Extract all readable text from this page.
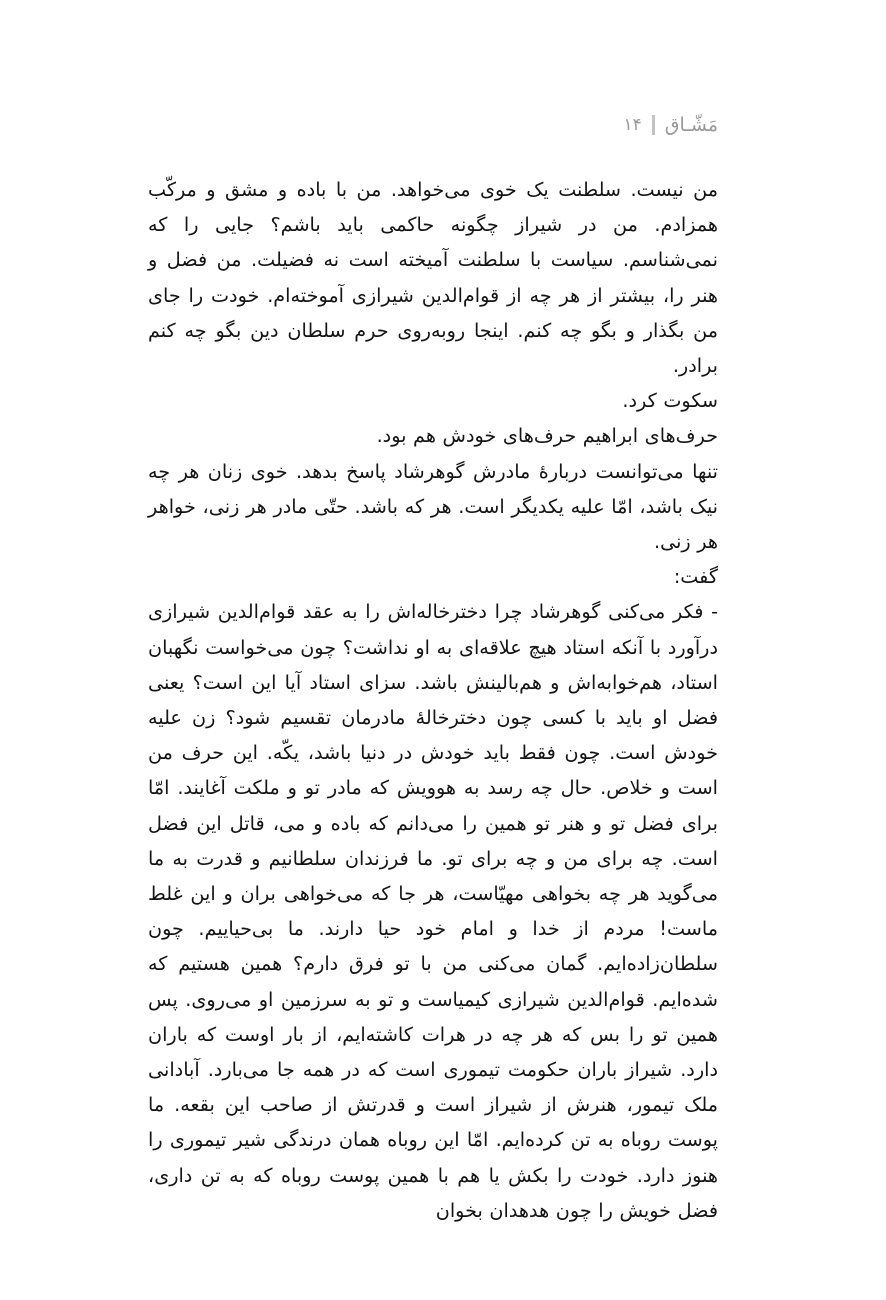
مَشّـاق
۱۴

من نیست. سلطنت یک خوی می‌خواهد. من با باده و مشق و مرکّب همزادم. من در شیراز چگونه حاکمی باید باشم؟ جایی را که نمی‌شناسم. سیاست با سلطنت آمیخته است نه فضیلت. من فضل و هنر را، بیشتر از هر چه از قوام‌الدین شیرازی آموخته‌ام. خودت را جای من بگذار و بگو چه کنم. اینجا روبه‌روی حرم سلطان دین بگو چه کنم برادر.

سکوت کرد.

حرف‌های ابراهیم حرف‌های خودش هم بود.

تنها می‌توانست دربارۀ مادرش گوهرشاد پاسخ بدهد. خوی زنان هر چه نیک باشد، امّا علیه یکدیگر است. هر که باشد. حتّی مادر هر زنی، خواهر هر زنی.

گفت:

- فکر می‌کنی گوهرشاد چرا دخترخاله‌اش را به عقد قوام‌الدین شیرازی درآورد با آنکه استاد هیچ علاقه‌ای به او نداشت؟ چون می‌خواست نگهبان استاد، هم‌خوابه‌اش و هم‌بالینش باشد. سزای استاد آیا این است؟ یعنی فضل او باید با کسی چون دخترخالۀ مادرمان تقسیم شود؟ زن علیه خودش است. چون فقط باید خودش در دنیا باشد، یکّه. این حرف من است و خلاص. حال چه رسد به هوویش که مادر تو و ملکت آغایند. امّا برای فضل تو و هنر تو همین را می‌دانم که باده و می، قاتل این فضل است. چه برای من و چه برای تو. ما فرزندان سلطانیم و قدرت به ما می‌گوید هر چه بخواهی مهیّاست، هر جا که می‌خواهی بران و این غلط ماست! مردم از خدا و امام خود حیا دارند. ما بی‌حیاییم. چون سلطان‌زاده‌ایم. گمان می‌کنی من با تو فرق دارم؟ همین هستیم که شده‌ایم. قوام‌الدین شیرازی کیمیاست و تو به سرزمین او می‌روی. پس همین تو را بس که هر چه در هرات کاشته‌ایم، از بار اوست که باران دارد. شیراز باران حکومت تیموری است که در همه جا می‌بارد. آبادانی ملک تیمور، هنرش از شیراز است و قدرتش از صاحب این بقعه. ما پوست روباه به تن کرده‌ایم. امّا این روباه همان درندگی شیر تیموری را هنوز دارد. خودت را بکش یا هم با همین پوست روباه که به تن داری، فضل خویش را چون هدهدان بخوان
